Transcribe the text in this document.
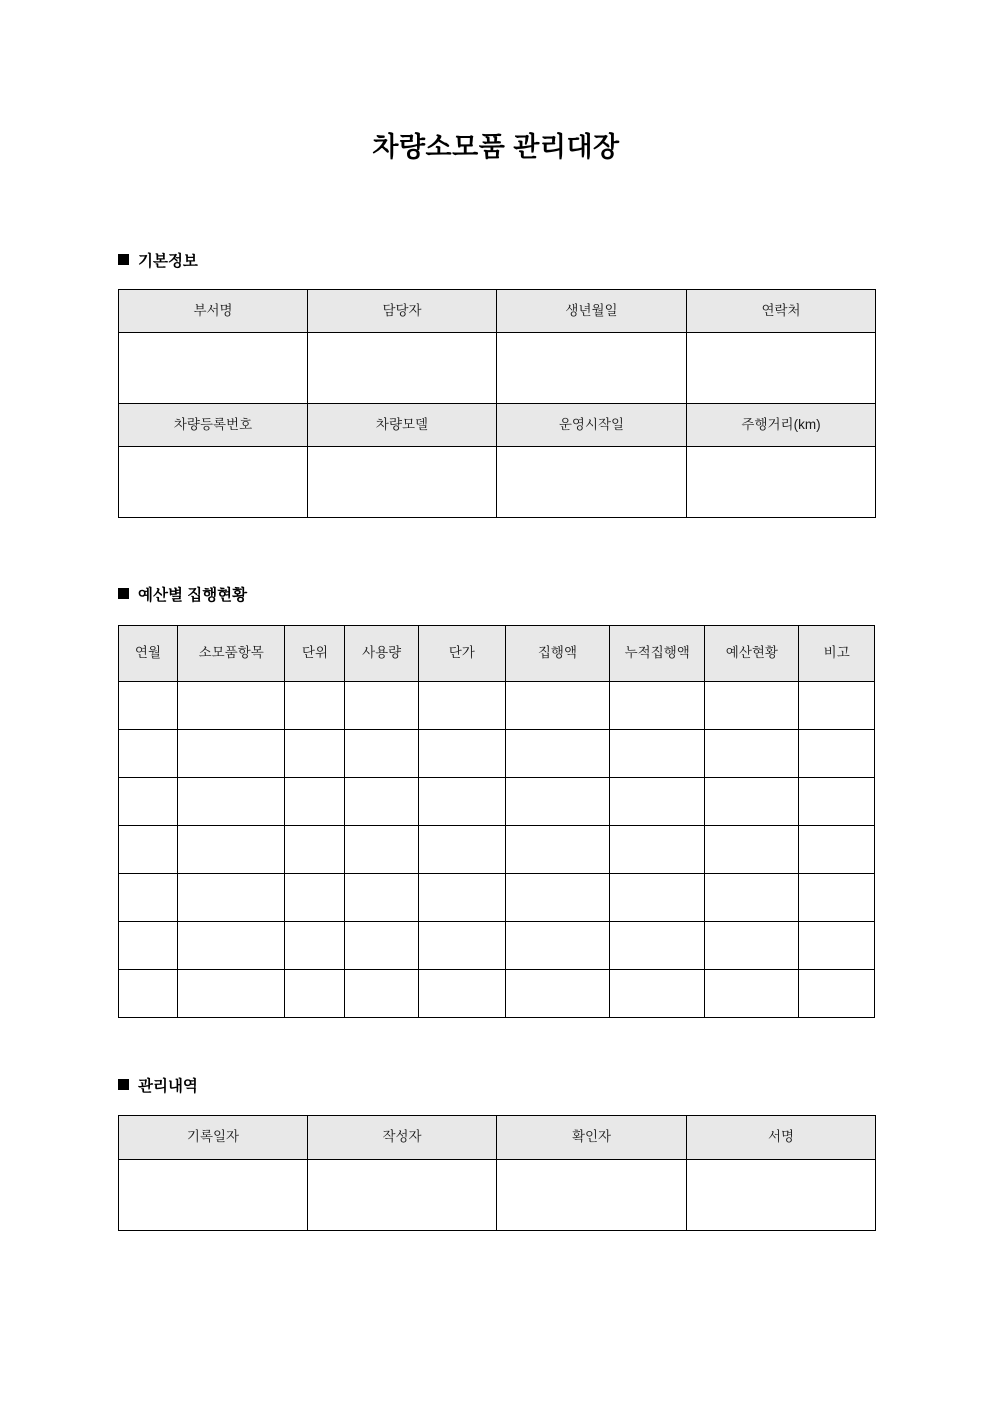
차량소모품 관리대장
기본정보
부서명	담당자	생년월일	연락처

차량등록번호	차량모델	운영시작일	주행거리(km)

예산별 집행현황
연월	소모품항목	단위	사용량	단가	집행액	누적집행액	예산현황	비고

관리내역
기록일자	작성자	확인자	서명
